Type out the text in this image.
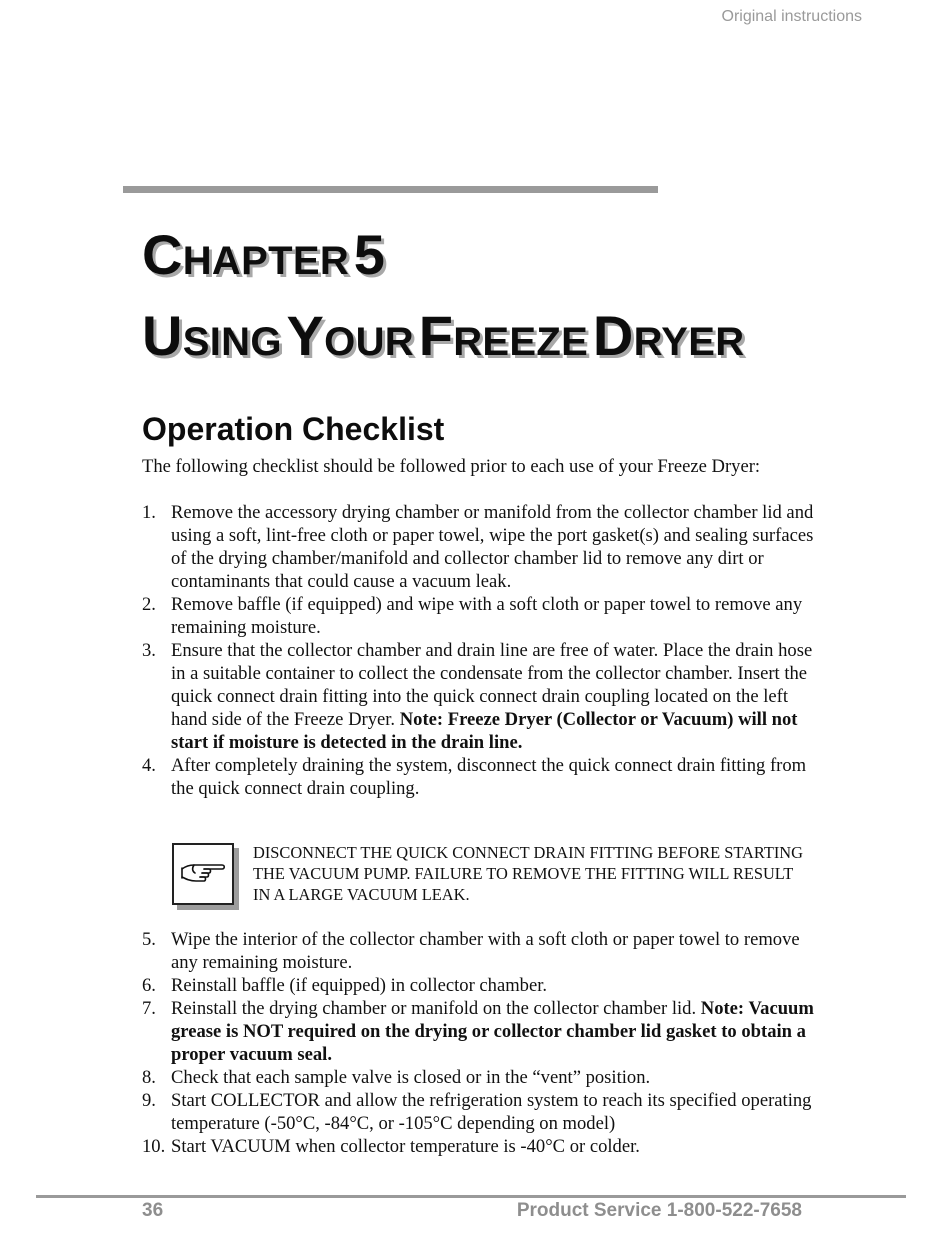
Original instructions
CHAPTER 5
USING YOUR FREEZE DRYER
Operation Checklist
The following checklist should be followed prior to each use of your Freeze Dryer:
1. Remove the accessory drying chamber or manifold from the collector chamber lid and using a soft, lint-free cloth or paper towel, wipe the port gasket(s) and sealing surfaces of the drying chamber/manifold and collector chamber lid to remove any dirt or contaminants that could cause a vacuum leak.
2. Remove baffle (if equipped) and wipe with a soft cloth or paper towel to remove any remaining moisture.
3. Ensure that the collector chamber and drain line are free of water. Place the drain hose in a suitable container to collect the condensate from the collector chamber. Insert the quick connect drain fitting into the quick connect drain coupling located on the left hand side of the Freeze Dryer. Note: Freeze Dryer (Collector or Vacuum) will not start if moisture is detected in the drain line.
4. After completely draining the system, disconnect the quick connect drain fitting from the quick connect drain coupling.
DISCONNECT THE QUICK CONNECT DRAIN FITTING BEFORE STARTING THE VACUUM PUMP. FAILURE TO REMOVE THE FITTING WILL RESULT IN A LARGE VACUUM LEAK.
5. Wipe the interior of the collector chamber with a soft cloth or paper towel to remove any remaining moisture.
6. Reinstall baffle (if equipped) in collector chamber.
7. Reinstall the drying chamber or manifold on the collector chamber lid. Note: Vacuum grease is NOT required on the drying or collector chamber lid gasket to obtain a proper vacuum seal.
8. Check that each sample valve is closed or in the “vent” position.
9. Start COLLECTOR and allow the refrigeration system to reach its specified operating temperature (-50°C, -84°C, or -105°C depending on model)
10. Start VACUUM when collector temperature is -40°C or colder.
36	Product Service 1-800-522-7658
